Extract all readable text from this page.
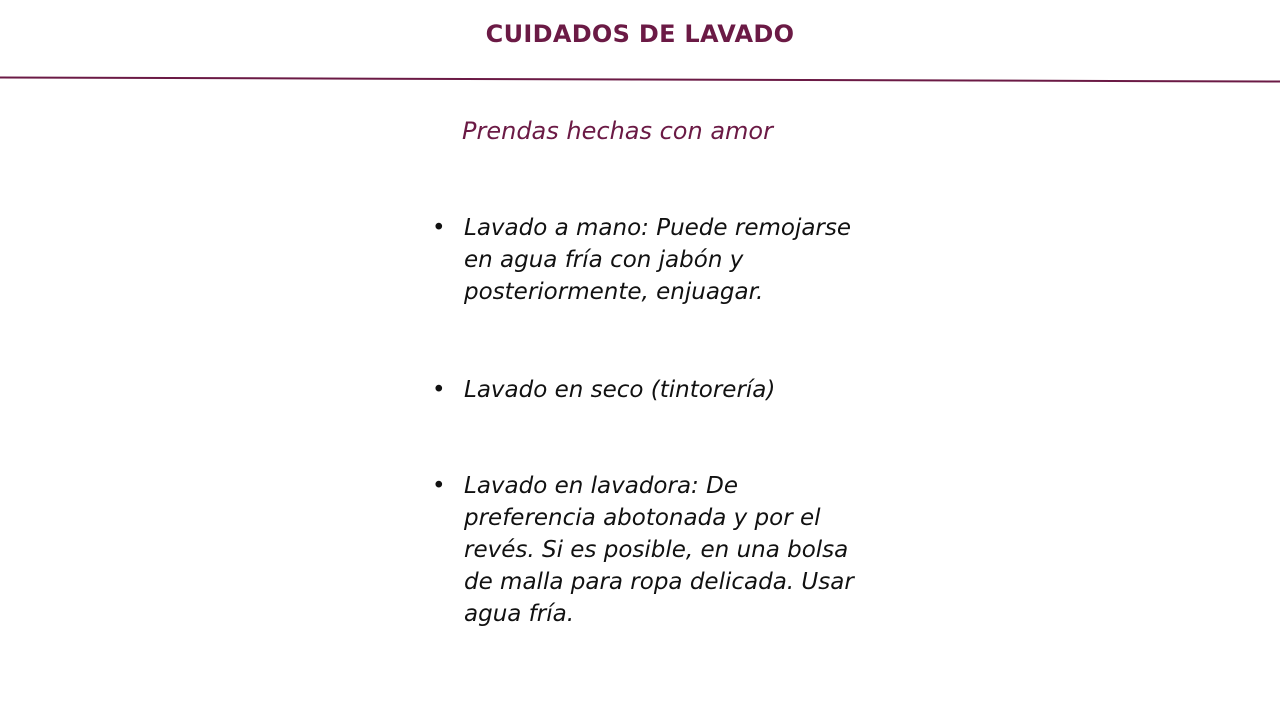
CUIDADOS DE LAVADO
Prendas hechas con amor
• Lavado a mano: Puede remojarse en agua fría con jabón y posteriormente, enjuagar.
• Lavado en seco (tintorería)
• Lavado en lavadora: De preferencia abotonada y por el revés. Si es posible, en una bolsa de malla para ropa delicada. Usar agua fría.
